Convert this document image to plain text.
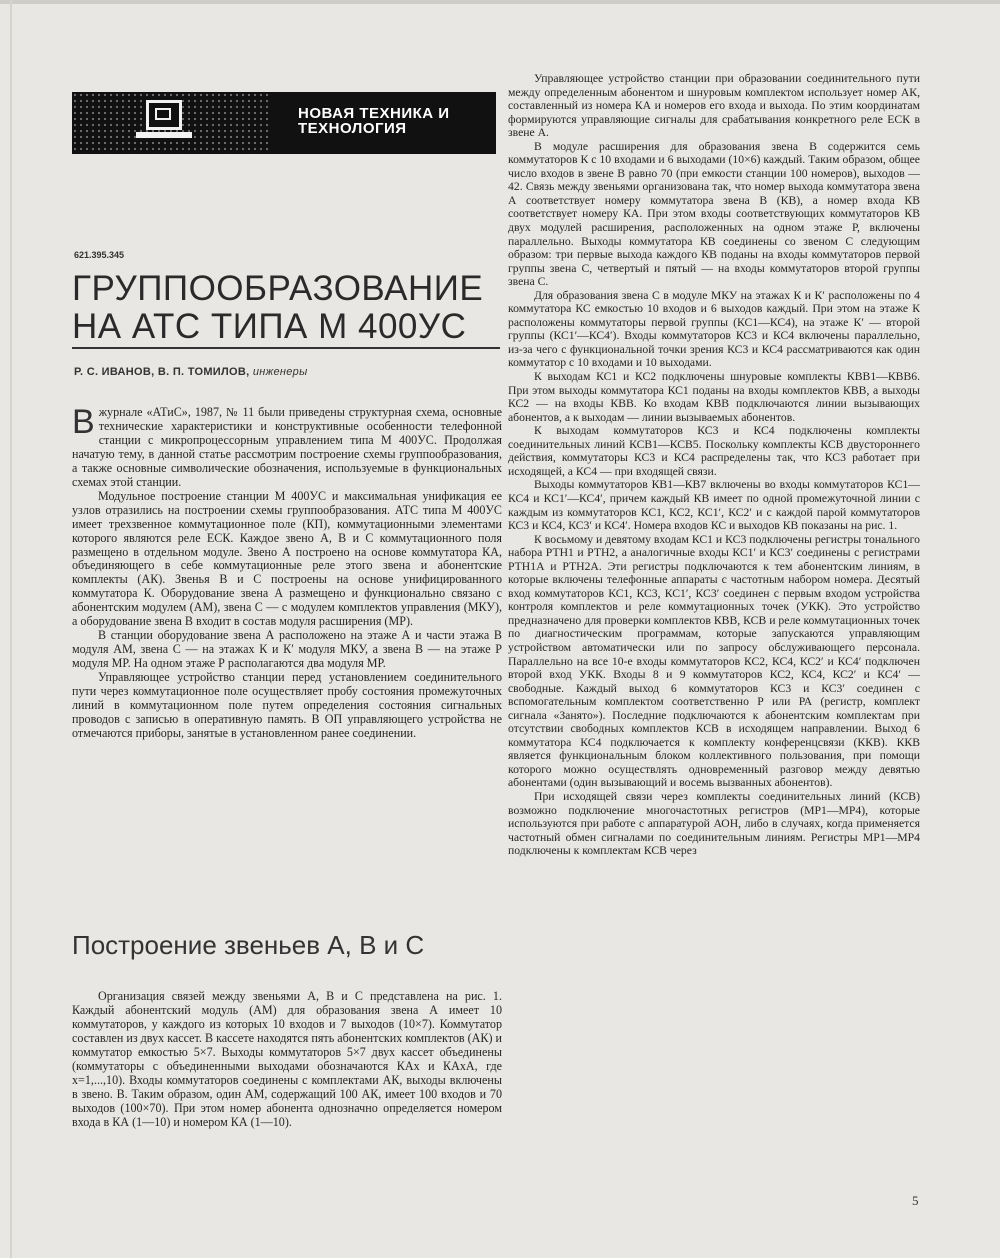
НОВАЯ ТЕХНИКА И ТЕХНОЛОГИЯ
621.395.345
ГРУППООБРАЗОВАНИЕ
НА АТС ТИПА М 400УС
Р. С. ИВАНОВ, В. П. ТОМИЛОВ, инженеры

Вжурнале «АТиС», 1987, № 11 были приведены структурная схема, основные технические характеристики и конструктивные особенности телефонной станции с микропроцессорным управлением типа М 400УС. Продолжая начатую тему, в данной статье рассмотрим построение схемы группообразования, а также основные символические обозначения, используемые в функциональных схемах этой станции.

Модульное построение станции М 400УС и максимальная унификация ее узлов отразились на построении схемы группообразования. АТС типа М 400УС имеет трехзвенное коммутационное поле (КП), коммутационными элементами которого являются реле ЕСК. Каждое звено А, В и С коммутационного поля размещено в отдельном модуле. Звено А построено на основе коммутатора КА, объединяющего в себе коммутационные реле этого звена и абонентские комплекты (АК). Звенья В и С построены на основе унифицированного коммутатора К. Оборудование звена А размещено и функционально связано с абонентским модулем (АМ), звена С — с модулем комплектов управления (МКУ), а оборудование звена В входит в состав модуля расширения (МР).

В станции оборудование звена А расположено на этаже А и части этажа В модуля АМ, звена С — на этажах К и К′ модуля МКУ, а звена В — на этаже Р модуля МР. На одном этаже Р располагаются два модуля МР.

Управляющее устройство станции перед установлением соединительного пути через коммутационное поле осуществляет пробу состояния промежуточных линий в коммутационном поле путем определения состояния сигнальных проводов с записью в оперативную память. В ОП управляющего устройства не отмечаются приборы, занятые в установленном ранее соединении.

Построение звеньев А, В и С

Организация связей между звеньями А, В и С представлена на рис. 1. Каждый абонентский модуль (АМ) для образования звена А имеет 10 коммутаторов, у каждого из которых 10 входов и 7 выходов (10×7). Коммутатор составлен из двух кассет. В кассете находятся пять абонентских комплектов (АК) и коммутатор емкостью 5×7. Выходы коммутаторов 5×7 двух кассет объединены (коммутаторы с объединенными выходами обозначаются КАх и КАхА, где х=1,...,10). Входы коммутаторов соединены с комплектами АК, выходы включены в звено. В. Таким образом, один АМ, содержащий 100 АК, имеет 100 входов и 70 выходов (100×70). При этом номер абонента однозначно определяется номером входа в КА (1—10) и номером КА (1—10).

Управляющее устройство станции при образовании соединительного пути между определенным абонентом и шнуровым комплектом использует номер АК, составленный из номера КА и номеров его входа и выхода. По этим координатам формируются управляющие сигналы для срабатывания конкретного реле ЕСК в звене А.

В модуле расширения для образования звена В содержится семь коммутаторов К с 10 входами и 6 выходами (10×6) каждый. Таким образом, общее число входов в звене В равно 70 (при емкости станции 100 номеров), выходов — 42. Связь между звеньями организована так, что номер выхода коммутатора звена А соответствует номеру коммутатора звена В (КВ), а номер входа КВ соответствует номеру КА. При этом входы соответствующих коммутаторов КВ двух модулей расширения, расположенных на одном этаже Р, включены параллельно. Выходы коммутатора КВ соединены со звеном С следующим образом: три первые выхода каждого КВ поданы на входы коммутаторов первой группы звена С, четвертый и пятый — на входы коммутаторов второй группы звена С.

Для образования звена С в модуле МКУ на этажах К и К′ расположены по 4 коммутатора КС емкостью 10 входов и 6 выходов каждый. При этом на этаже К расположены коммутаторы первой группы (КС1—КС4), на этаже К′ — второй группы (КС1′—КС4′). Входы коммутаторов КС3 и КС4 включены параллельно, из-за чего с функциональной точки зрения КС3 и КС4 рассматриваются как один коммутатор с 10 входами и 10 выходами.

К выходам КС1 и КС2 подключены шнуровые комплекты КВВ1—КВВ6. При этом выходы коммутатора КС1 поданы на входы комплектов КВВ, а выходы КС2 — на входы КВВ. Ко входам КВВ подключаются линии вызывающих абонентов, а к выходам — линии вызываемых абонентов.

К выходам коммутаторов КС3 и КС4 подключены комплекты соединительных линий КСВ1—КСВ5. Поскольку комплекты КСВ двустороннего действия, коммутаторы КС3 и КС4 распределены так, что КС3 работает при исходящей, а КС4 — при входящей связи.

Выходы коммутаторов КВ1—КВ7 включены во входы коммутаторов КС1—КС4 и КС1′—КС4′, причем каждый КВ имеет по одной промежуточной линии с каждым из коммутаторов КС1, КС2, КС1′, КС2′ и с каждой парой коммутаторов КС3 и КС4, КС3′ и КС4′. Номера входов КС и выходов КВ показаны на рис. 1.

К восьмому и девятому входам КС1 и КС3 подключены регистры тонального набора РТН1 и РТН2, а аналогичные входы КС1′ и КС3′ соединены с регистрами РТН1А и РТН2А. Эти регистры подключаются к тем абонентским линиям, в которые включены телефонные аппараты с частотным набором номера. Десятый вход коммутаторов КС1, КС3, КС1′, КС3′ соединен с первым входом устройства контроля комплектов и реле коммутационных точек (УКК). Это устройство предназначено для проверки комплектов КВВ, КСВ и реле коммутационных точек по диагностическим программам, которые запускаются управляющим устройством автоматически или по запросу обслуживающего персонала. Параллельно на все 10-е входы коммутаторов КС2, КС4, КС2′ и КС4′ подключен второй вход УКК. Входы 8 и 9 коммутаторов КС2, КС4, КС2′ и КС4′ — свободные. Каждый выход 6 коммутаторов КС3 и КС3′ соединен с вспомогательным комплектом соответственно Р или РА (регистр, комплект сигнала «Занято»). Последние подключаются к абонентским комплектам при отсутствии свободных комплектов КСВ в исходящем направлении. Выход 6 коммутатора КС4 подключается к комплекту конференцсвязи (ККВ). ККВ является функциональным блоком коллективного пользования, при помощи которого можно осуществлять одновременный разговор между девятью абонентами (один вызывающий и восемь вызванных абонентов).

При исходящей связи через комплекты соединительных линий (КСВ) возможно подключение многочастотных регистров (МР1—МР4), которые используются при работе с аппаратурой АОН, либо в случаях, когда применяется частотный обмен сигналами по соединительным линиям. Регистры МР1—МР4 подключены к комплектам КСВ через

5
